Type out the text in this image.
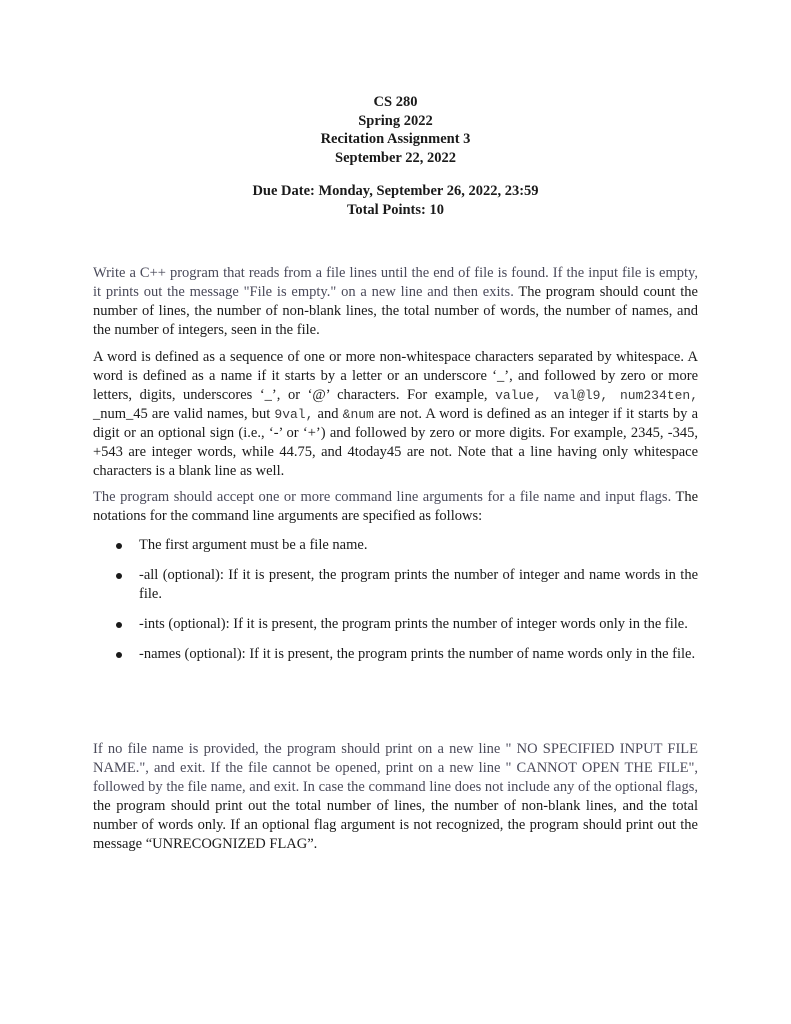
CS 280
Spring 2022
Recitation Assignment 3
September 22, 2022
Due Date: Monday, September 26, 2022, 23:59
Total Points: 10

Write a C++ program that reads from a file lines until the end of file is found. If the input file is empty, it prints out the message "File is empty." on a new line and then exits. The program should count the number of lines, the number of non-blank lines, the total number of words, the number of names, and the number of integers, seen in the file.

A word is defined as a sequence of one or more non-whitespace characters separated by whitespace. A word is defined as a name if it starts by a letter or an underscore ‘_’, and followed by zero or more letters, digits, underscores ‘_’, or ‘@’ characters. For example, value, val@l9, num234ten, _num_45 are valid names, but 9val, and &num are not. A word is defined as an integer if it starts by a digit or an optional sign (i.e., ‘-’ or ‘+’) and followed by zero or more digits. For example, 2345, -345, +543 are integer words, while 44.75, and 4today45 are not. Note that a line having only whitespace characters is a blank line as well.

The program should accept one or more command line arguments for a file name and input flags. The notations for the command line arguments are specified as follows:

The first argument must be a file name.
-all (optional): If it is present, the program prints the number of integer and name words in the file.
-ints (optional): If it is present, the program prints the number of integer words only in the file.
-names (optional): If it is present, the program prints the number of name words only in the file.

If no file name is provided, the program should print on a new line " NO SPECIFIED INPUT FILE NAME.", and exit. If the file cannot be opened, print on a new line " CANNOT OPEN THE FILE", followed by the file name, and exit. In case the command line does not include any of the optional flags, the program should print out the total number of lines, the number of non-blank lines, and the total number of words only. If an optional flag argument is not recognized, the program should print out the message “UNRECOGNIZED FLAG”.
